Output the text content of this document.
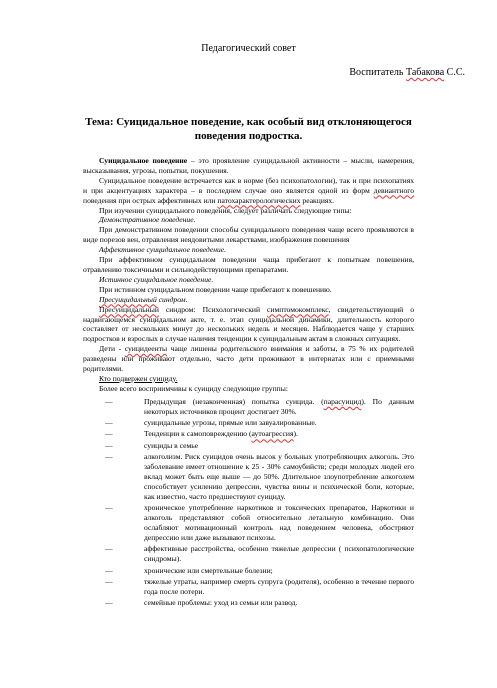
Педагогический совет
Воспитатель Табакова С.С.
Тема: Суицидальное поведение, как особый вид отклоняющегося поведения подростка.

Суицидальное поведение – это проявление суицидальной активности – мысли, намерения, высказывания, угрозы, попытки, покушения.

Суицидальное поведение встречается как в норме (без психопатологии), так и при психопатиях и при акцентуациях характера – в последнем случае оно является одной из форм девиантного поведения при острых аффективных или патохарактерологических реакциях.

При изучении суицидального поведения, следует различать следующие типы:

Демонстративное поведение.

При демонстративном поведении способы суицидального поведения чаще всего проявляются в виде порезов вен, отравления неядовитыми лекарствами, изображения повешения

Аффективное суицидальное поведение.

При аффективном суицидальном поведении чаща прибегают к попыткам повешения, отравлению токсичными и сильнодействующими препаратами.

Истинное суицидальное поведение.

При истинном суицидальном поведении чаще прибегают к повешению.

Пресуицидальный синдром.

Пресуицидальный синдром: Психологический симптомокомплекс, свидетельствующий о надвигающемся суицидальном акте, т. е. этап суицидальной динамики, длительность которого составляет от нескольких минут до нескольких недель и месяцев. Наблюдается чаще у старших подростков и взрослых в случае наличия тенденции к суицидальным актам в сложных ситуациях.

Дети - суицидеенты чаще лишены родительского внимания и заботы, в 75 % их родителей разведены или проживают отдельно, часто дети проживают в интернатах или с приемными родителями.

Кто подвержен суициду.

Более всего восприимчивы к суициду следующие группы:

—	Предыдущая (незаконченная) попытка суицида. (парасуицид). По данным некоторых источников процент достигает 30%.
—	суицидальные угрозы, прямые или завуалированные.
—	Тенденции к самоповреждению (аутоагрессия).
—	суициды в семье
—	алкоголизм. Риск суицидов очень высок у больных употребляющих алкоголь. Это заболевание имеет отношение к 25 - 30% самоубийств; среди молодых людей его вклад может быть еще выше — до 50%. Длительное злоупотребление алкоголем способствует усилению депрессии, чувства вины и психической боли, которые, как известно, часто предшествуют суициду.
—	хроническое употребление наркотиков и токсических препаратов, Наркотики и алкоголь представляют собой относительно летальную комбинацию. Они ослабляют мотивационный контроль над поведением человека, обостряют депрессию или даже вызывают психозы.
—	аффективные расстройства, особенно тяжелые депрессии ( психопатологические синдромы).
—	хронические или смертельные болезни;
—	тяжелые утраты, например смерть супруга (родителя), особенно в течение первого года после потери.
—	семейные проблемы: уход из семьи или развод.
